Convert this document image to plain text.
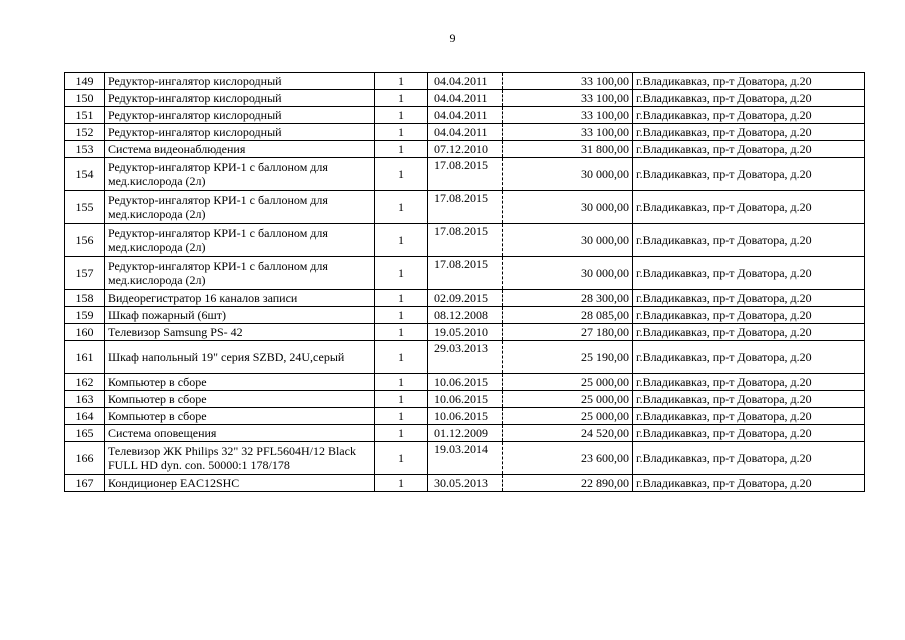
9
149	Редуктор-ингалятор кислородный	1	04.04.2011	33 100,00	г.Владикавказ, пр-т Доватора, д.20
150	Редуктор-ингалятор кислородный	1	04.04.2011	33 100,00	г.Владикавказ, пр-т Доватора, д.20
151	Редуктор-ингалятор кислородный	1	04.04.2011	33 100,00	г.Владикавказ, пр-т Доватора, д.20
152	Редуктор-ингалятор кислородный	1	04.04.2011	33 100,00	г.Владикавказ, пр-т Доватора, д.20
153	Система видеонаблюдения	1	07.12.2010	31 800,00	г.Владикавказ, пр-т Доватора, д.20
154	Редуктор-ингалятор КРИ-1 с баллоном для мед.кислорода (2л)	1	17.08.2015	30 000,00	г.Владикавказ, пр-т Доватора, д.20
155	Редуктор-ингалятор КРИ-1 с баллоном для мед.кислорода (2л)	1	17.08.2015	30 000,00	г.Владикавказ, пр-т Доватора, д.20
156	Редуктор-ингалятор КРИ-1 с баллоном для мед.кислорода (2л)	1	17.08.2015	30 000,00	г.Владикавказ, пр-т Доватора, д.20
157	Редуктор-ингалятор КРИ-1 с баллоном для мед.кислорода (2л)	1	17.08.2015	30 000,00	г.Владикавказ, пр-т Доватора, д.20
158	Видеорегистратор 16 каналов записи	1	02.09.2015	28 300,00	г.Владикавказ, пр-т Доватора, д.20
159	Шкаф пожарный (6шт)	1	08.12.2008	28 085,00	г.Владикавказ, пр-т Доватора, д.20
160	Телевизор Samsung PS- 42	1	19.05.2010	27 180,00	г.Владикавказ, пр-т Доватора, д.20
161	Шкаф напольный 19" серия SZBD, 24U,серый	1	29.03.2013	25 190,00	г.Владикавказ, пр-т Доватора, д.20
162	Компьютер в сборе	1	10.06.2015	25 000,00	г.Владикавказ, пр-т Доватора, д.20
163	Компьютер в сборе	1	10.06.2015	25 000,00	г.Владикавказ, пр-т Доватора, д.20
164	Компьютер в сборе	1	10.06.2015	25 000,00	г.Владикавказ, пр-т Доватора, д.20
165	Система оповещения	1	01.12.2009	24 520,00	г.Владикавказ, пр-т Доватора, д.20
166	Телевизор ЖК Philips 32" 32 PFL5604H/12 Black FULL HD dyn. con. 50000:1 178/178	1	19.03.2014	23 600,00	г.Владикавказ, пр-т Доватора, д.20
167	Кондиционер EAC12SHC	1	30.05.2013	22 890,00	г.Владикавказ, пр-т Доватора, д.20
